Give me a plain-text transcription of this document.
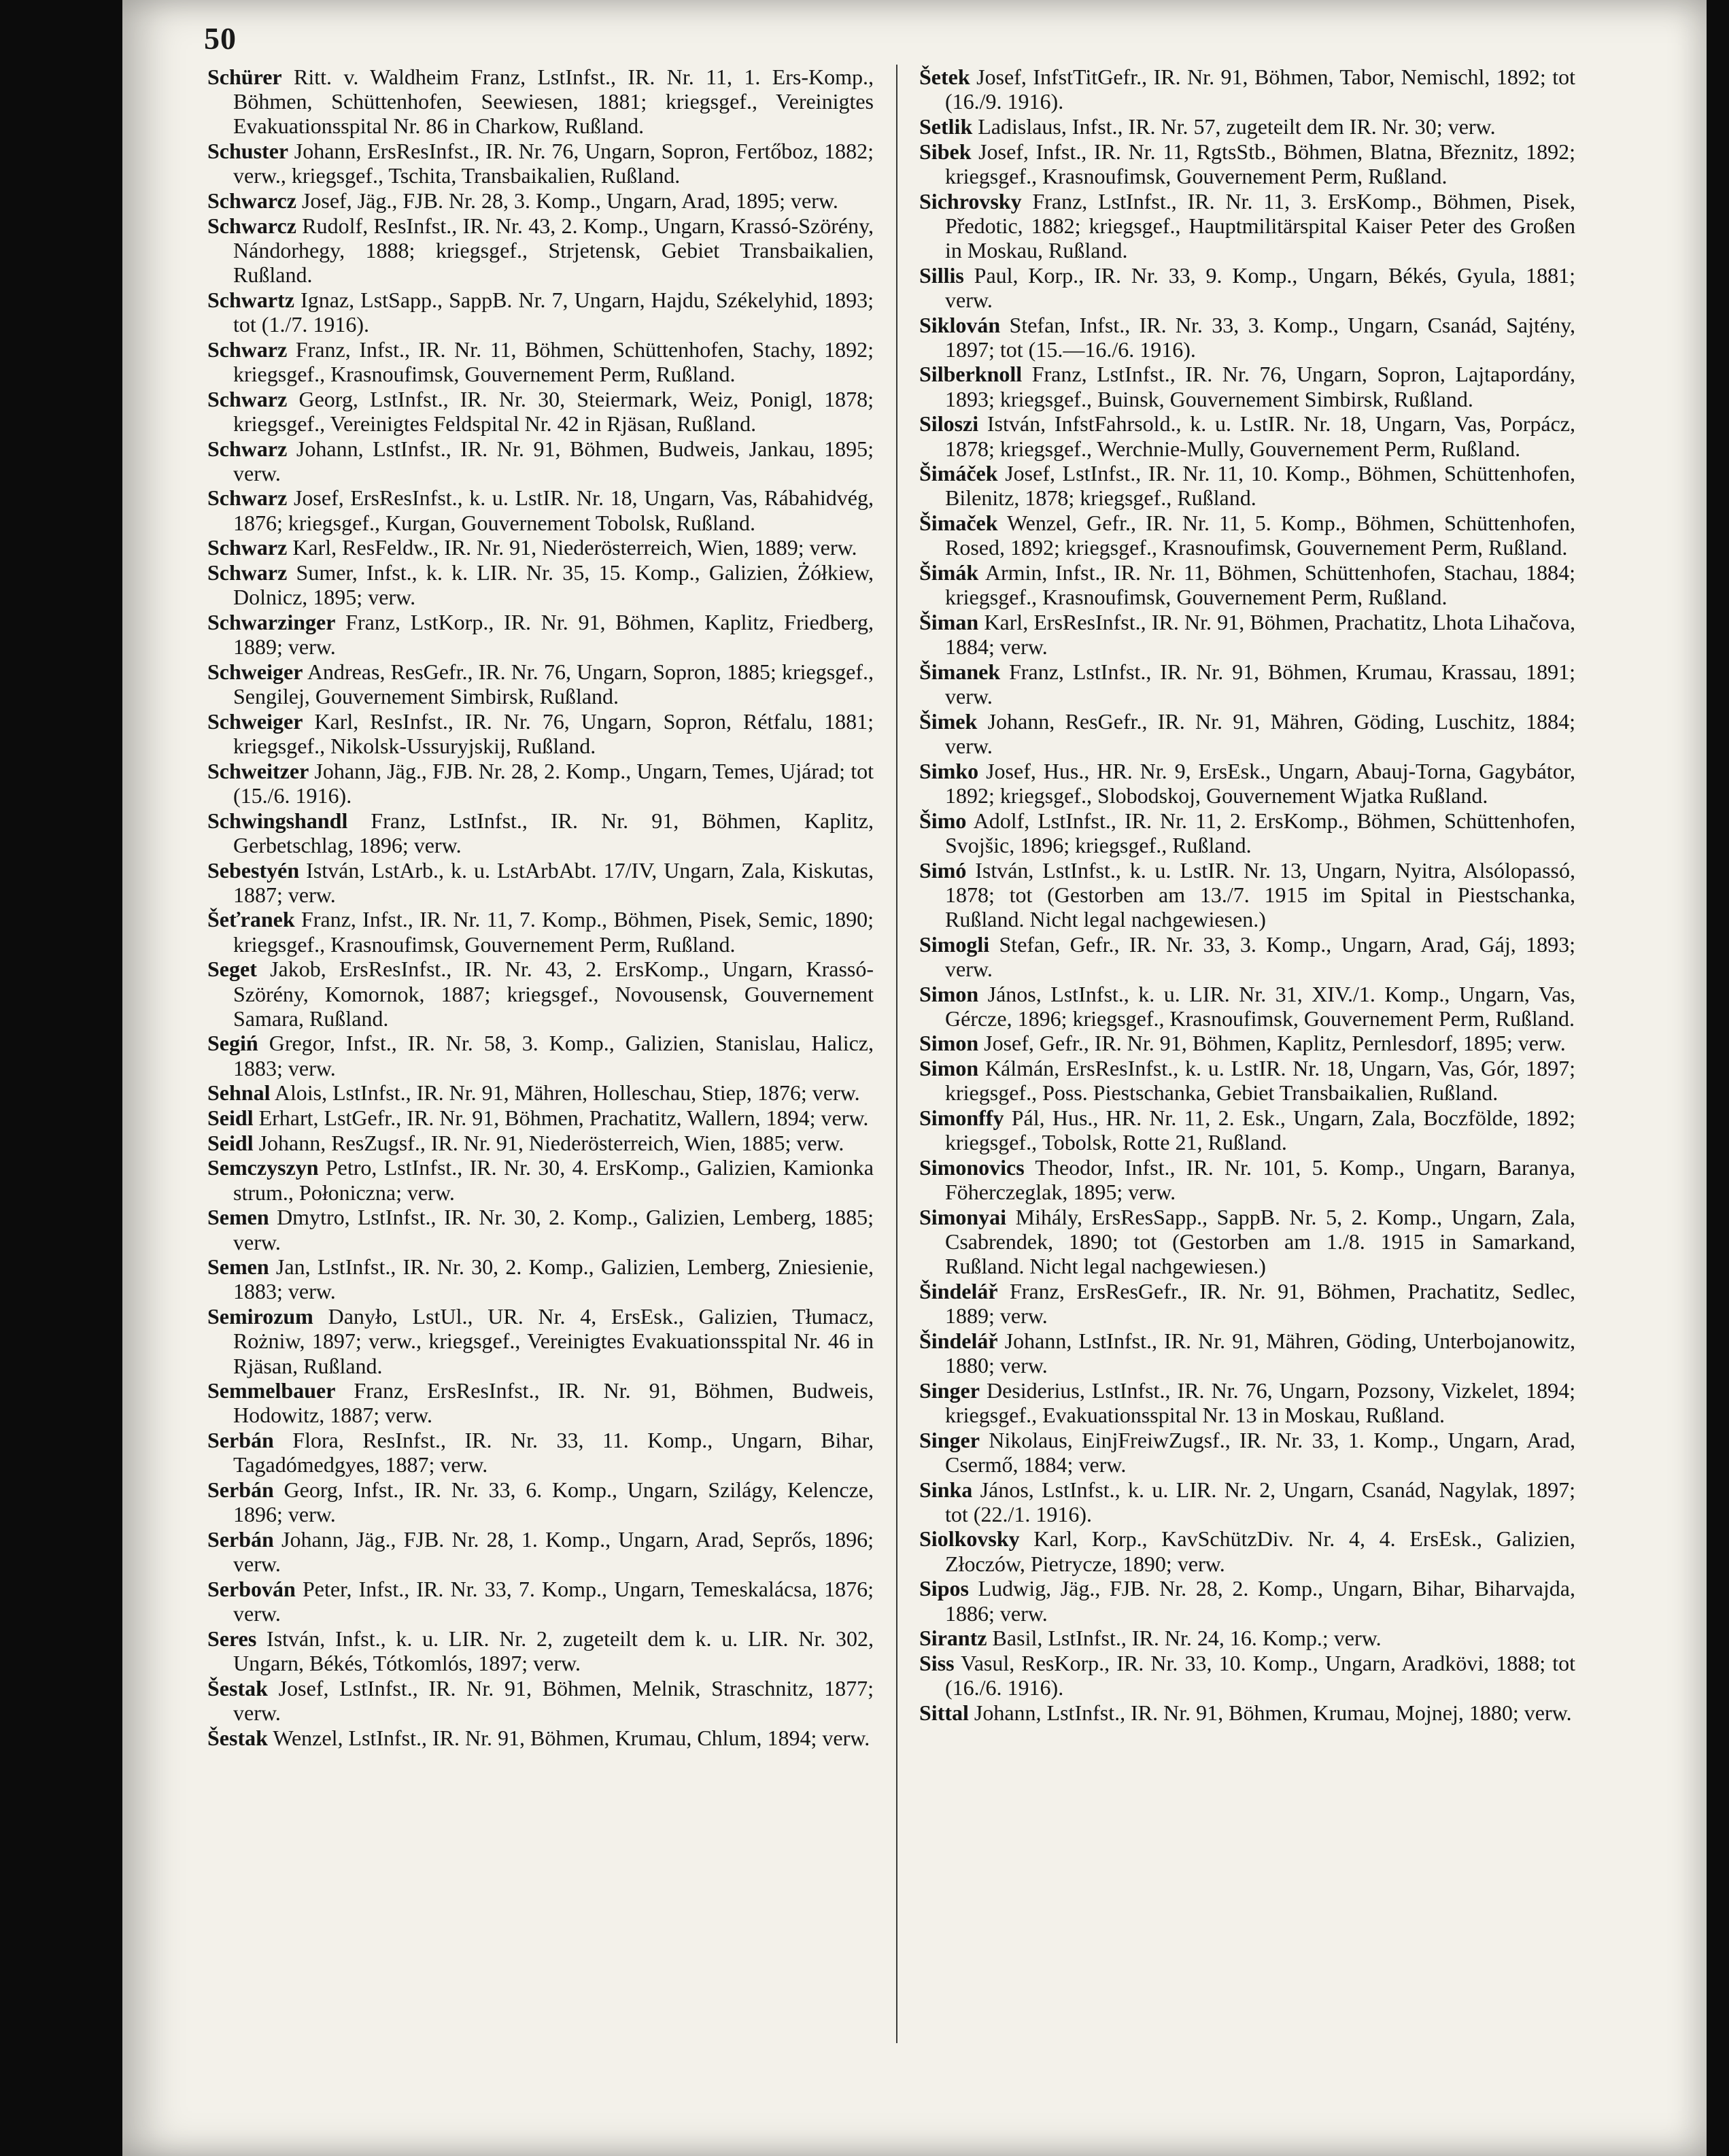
50

Schürer Ritt. v. Waldheim Franz, LstInfst., IR. Nr. 11, 1. Ers-Komp., Böhmen, Schüttenhofen, Seewiesen, 1881; kriegsgef., Vereinigtes Evakuationsspital Nr. 86 in Charkow, Rußland.

Schuster Johann, ErsResInfst., IR. Nr. 76, Ungarn, Sopron, Fertőboz, 1882; verw., kriegsgef., Tschita, Transbaikalien, Rußland.

Schwarcz Josef, Jäg., FJB. Nr. 28, 3. Komp., Ungarn, Arad, 1895; verw.

Schwarcz Rudolf, ResInfst., IR. Nr. 43, 2. Komp., Ungarn, Krassó-Szörény, Nándorhegy, 1888; kriegsgef., Strjetensk, Gebiet Transbaikalien, Rußland.

Schwartz Ignaz, LstSapp., SappB. Nr. 7, Ungarn, Hajdu, Székelyhid, 1893; tot (1./7. 1916).

Schwarz Franz, Infst., IR. Nr. 11, Böhmen, Schüttenhofen, Stachy, 1892; kriegsgef., Krasnoufimsk, Gouvernement Perm, Rußland.

Schwarz Georg, LstInfst., IR. Nr. 30, Steiermark, Weiz, Ponigl, 1878; kriegsgef., Vereinigtes Feldspital Nr. 42 in Rjäsan, Rußland.

Schwarz Johann, LstInfst., IR. Nr. 91, Böhmen, Budweis, Jankau, 1895; verw.

Schwarz Josef, ErsResInfst., k. u. LstIR. Nr. 18, Ungarn, Vas, Rábahidvég, 1876; kriegsgef., Kurgan, Gouvernement Tobolsk, Rußland.

Schwarz Karl, ResFeldw., IR. Nr. 91, Niederösterreich, Wien, 1889; verw.

Schwarz Sumer, Infst., k. k. LIR. Nr. 35, 15. Komp., Galizien, Żółkiew, Dolnicz, 1895; verw.

Schwarzinger Franz, LstKorp., IR. Nr. 91, Böhmen, Kaplitz, Friedberg, 1889; verw.

Schweiger Andreas, ResGefr., IR. Nr. 76, Ungarn, Sopron, 1885; kriegsgef., Sengilej, Gouvernement Simbirsk, Rußland.

Schweiger Karl, ResInfst., IR. Nr. 76, Ungarn, Sopron, Rétfalu, 1881; kriegsgef., Nikolsk-Ussuryjskij, Rußland.

Schweitzer Johann, Jäg., FJB. Nr. 28, 2. Komp., Ungarn, Temes, Ujárad; tot (15./6. 1916).

Schwingshandl Franz, LstInfst., IR. Nr. 91, Böhmen, Kaplitz, Gerbetschlag, 1896; verw.

Sebestyén István, LstArb., k. u. LstArbAbt. 17/IV, Ungarn, Zala, Kiskutas, 1887; verw.

Šeťranek Franz, Infst., IR. Nr. 11, 7. Komp., Böhmen, Pisek, Semic, 1890; kriegsgef., Krasnoufimsk, Gouvernement Perm, Rußland.

Seget Jakob, ErsResInfst., IR. Nr. 43, 2. ErsKomp., Ungarn, Krassó-Szörény, Komornok, 1887; kriegsgef., Novousensk, Gouvernement Samara, Rußland.

Segiń Gregor, Infst., IR. Nr. 58, 3. Komp., Galizien, Stanislau, Halicz, 1883; verw.

Sehnal Alois, LstInfst., IR. Nr. 91, Mähren, Holleschau, Stiep, 1876; verw.

Seidl Erhart, LstGefr., IR. Nr. 91, Böhmen, Prachatitz, Wallern, 1894; verw.

Seidl Johann, ResZugsf., IR. Nr. 91, Niederösterreich, Wien, 1885; verw.

Semczyszyn Petro, LstInfst., IR. Nr. 30, 4. ErsKomp., Galizien, Kamionka strum., Połoniczna; verw.

Semen Dmytro, LstInfst., IR. Nr. 30, 2. Komp., Galizien, Lemberg, 1885; verw.

Semen Jan, LstInfst., IR. Nr. 30, 2. Komp., Galizien, Lemberg, Zniesienie, 1883; verw.

Semirozum Danyło, LstUl., UR. Nr. 4, ErsEsk., Galizien, Tłumacz, Rożniw, 1897; verw., kriegsgef., Vereinigtes Evakuationsspital Nr. 46 in Rjäsan, Rußland.

Semmelbauer Franz, ErsResInfst., IR. Nr. 91, Böhmen, Budweis, Hodowitz, 1887; verw.

Serbán Flora, ResInfst., IR. Nr. 33, 11. Komp., Ungarn, Bihar, Tagadómedgyes, 1887; verw.

Serbán Georg, Infst., IR. Nr. 33, 6. Komp., Ungarn, Szilágy, Kelencze, 1896; verw.

Serbán Johann, Jäg., FJB. Nr. 28, 1. Komp., Ungarn, Arad, Seprős, 1896; verw.

Serbován Peter, Infst., IR. Nr. 33, 7. Komp., Ungarn, Temeskalácsa, 1876; verw.

Seres István, Infst., k. u. LIR. Nr. 2, zugeteilt dem k. u. LIR. Nr. 302, Ungarn, Békés, Tótkomlós, 1897; verw.

Šestak Josef, LstInfst., IR. Nr. 91, Böhmen, Melnik, Straschnitz, 1877; verw.

Šestak Wenzel, LstInfst., IR. Nr. 91, Böhmen, Krumau, Chlum, 1894; verw.

Šetek Josef, InfstTitGefr., IR. Nr. 91, Böhmen, Tabor, Nemischl, 1892; tot (16./9. 1916).

Setlik Ladislaus, Infst., IR. Nr. 57, zugeteilt dem IR. Nr. 30; verw.

Sibek Josef, Infst., IR. Nr. 11, RgtsStb., Böhmen, Blatna, Březnitz, 1892; kriegsgef., Krasnoufimsk, Gouvernement Perm, Rußland.

Sichrovsky Franz, LstInfst., IR. Nr. 11, 3. ErsKomp., Böhmen, Pisek, Předotic, 1882; kriegsgef., Hauptmilitärspital Kaiser Peter des Großen in Moskau, Rußland.

Sillis Paul, Korp., IR. Nr. 33, 9. Komp., Ungarn, Békés, Gyula, 1881; verw.

Siklován Stefan, Infst., IR. Nr. 33, 3. Komp., Ungarn, Csanád, Sajtény, 1897; tot (15.—16./6. 1916).

Silberknoll Franz, LstInfst., IR. Nr. 76, Ungarn, Sopron, Lajtapordány, 1893; kriegsgef., Buinsk, Gouvernement Simbirsk, Rußland.

Siloszi István, InfstFahrsold., k. u. LstIR. Nr. 18, Ungarn, Vas, Porpácz, 1878; kriegsgef., Werchnie-Mully, Gouvernement Perm, Rußland.

Šimáček Josef, LstInfst., IR. Nr. 11, 10. Komp., Böhmen, Schüttenhofen, Bilenitz, 1878; kriegsgef., Rußland.

Šimaček Wenzel, Gefr., IR. Nr. 11, 5. Komp., Böhmen, Schüttenhofen, Rosed, 1892; kriegsgef., Krasnoufimsk, Gouvernement Perm, Rußland.

Šimák Armin, Infst., IR. Nr. 11, Böhmen, Schüttenhofen, Stachau, 1884; kriegsgef., Krasnoufimsk, Gouvernement Perm, Rußland.

Šiman Karl, ErsResInfst., IR. Nr. 91, Böhmen, Prachatitz, Lhota Lihačova, 1884; verw.

Šimanek Franz, LstInfst., IR. Nr. 91, Böhmen, Krumau, Krassau, 1891; verw.

Šimek Johann, ResGefr., IR. Nr. 91, Mähren, Göding, Luschitz, 1884; verw.

Simko Josef, Hus., HR. Nr. 9, ErsEsk., Ungarn, Abauj-Torna, Gagybátor, 1892; kriegsgef., Slobodskoj, Gouvernement Wjatka Rußland.

Šimo Adolf, LstInfst., IR. Nr. 11, 2. ErsKomp., Böhmen, Schüttenhofen, Svojšic, 1896; kriegsgef., Rußland.

Simó István, LstInfst., k. u. LstIR. Nr. 13, Ungarn, Nyitra, Alsólopassó, 1878; tot (Gestorben am 13./7. 1915 im Spital in Piestschanka, Rußland. Nicht legal nachgewiesen.)

Simogli Stefan, Gefr., IR. Nr. 33, 3. Komp., Ungarn, Arad, Gáj, 1893; verw.

Simon János, LstInfst., k. u. LIR. Nr. 31, XIV./1. Komp., Ungarn, Vas, Gércze, 1896; kriegsgef., Krasnoufimsk, Gouvernement Perm, Rußland.

Simon Josef, Gefr., IR. Nr. 91, Böhmen, Kaplitz, Pernlesdorf, 1895; verw.

Simon Kálmán, ErsResInfst., k. u. LstIR. Nr. 18, Ungarn, Vas, Gór, 1897; kriegsgef., Poss. Piestschanka, Gebiet Transbaikalien, Rußland.

Simonffy Pál, Hus., HR. Nr. 11, 2. Esk., Ungarn, Zala, Boczfölde, 1892; kriegsgef., Tobolsk, Rotte 21, Rußland.

Simonovics Theodor, Infst., IR. Nr. 101, 5. Komp., Ungarn, Baranya, Föherczeglak, 1895; verw.

Simonyai Mihály, ErsResSapp., SappB. Nr. 5, 2. Komp., Ungarn, Zala, Csabrendek, 1890; tot (Gestorben am 1./8. 1915 in Samarkand, Rußland. Nicht legal nachgewiesen.)

Šindelář Franz, ErsResGefr., IR. Nr. 91, Böhmen, Prachatitz, Sedlec, 1889; verw.

Šindelář Johann, LstInfst., IR. Nr. 91, Mähren, Göding, Unterbojanowitz, 1880; verw.

Singer Desiderius, LstInfst., IR. Nr. 76, Ungarn, Pozsony, Vizkelet, 1894; kriegsgef., Evakuationsspital Nr. 13 in Moskau, Rußland.

Singer Nikolaus, EinjFreiwZugsf., IR. Nr. 33, 1. Komp., Ungarn, Arad, Csermő, 1884; verw.

Sinka János, LstInfst., k. u. LIR. Nr. 2, Ungarn, Csanád, Nagylak, 1897; tot (22./1. 1916).

Siolkovsky Karl, Korp., KavSchützDiv. Nr. 4, 4. ErsEsk., Galizien, Złoczów, Pietrycze, 1890; verw.

Sipos Ludwig, Jäg., FJB. Nr. 28, 2. Komp., Ungarn, Bihar, Biharvajda, 1886; verw.

Sirantz Basil, LstInfst., IR. Nr. 24, 16. Komp.; verw.

Siss Vasul, ResKorp., IR. Nr. 33, 10. Komp., Ungarn, Aradkövi, 1888; tot (16./6. 1916).

Sittal Johann, LstInfst., IR. Nr. 91, Böhmen, Krumau, Mojnej, 1880; verw.
